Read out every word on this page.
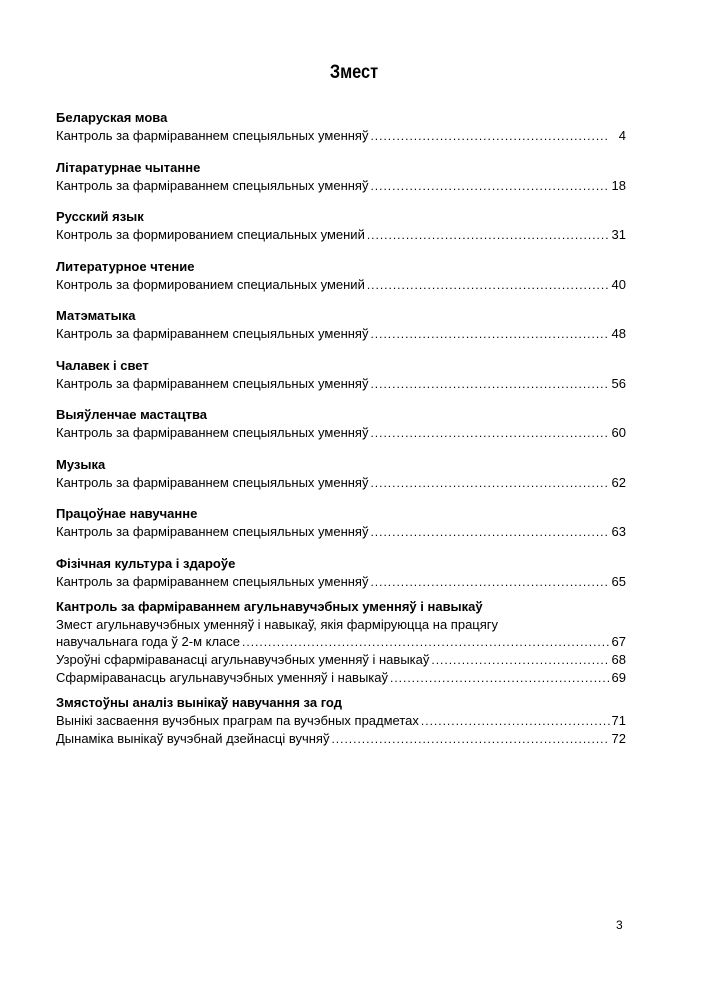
Змест
Беларуская мова
Кантроль за фарміраваннем спецыяльных уменняў .....	4
Літаратурнае чытанне
Кантроль за фарміраваннем спецыяльных уменняў .....	18
Русский язык
Контроль за формированием специальных умений .....	31
Литературное чтение
Контроль за формированием специальных умений .....	40
Матэматыка
Кантроль за фарміраваннем спецыяльных уменняў .....	48
Чалавек і свет
Кантроль за фарміраваннем спецыяльных уменняў .....	56
Выяўленчае мастацтва
Кантроль за фарміраваннем спецыяльных уменняў .....	60
Музыка
Кантроль за фарміраваннем спецыяльных уменняў .....	62
Працоўнае навучанне
Кантроль за фарміраваннем спецыяльных уменняў .....	63
Фізічная культура і здароўе
Кантроль за фарміраваннем спецыяльных уменняў .....	65
Кантроль за фарміраваннем агульнавучэбных уменняў і навыкаў
Змест агульнавучэбных уменняў і навыкаў, якія фарміруюцца на працягу
навучальнага года ў 2-м класе .....	67
Узроўні сфарміраванасці агульнавучэбных уменняў і навыкаў .....	68
Сфарміраванасць агульнавучэбных уменняў і навыкаў .....	69
Змястоўны аналіз вынікаў навучання за год
Вынікі засваення вучэбных праграм па вучэбных прадметах .....	71
Дынаміка вынікаў вучэбнай дзейнасці вучняў .....	72
3
